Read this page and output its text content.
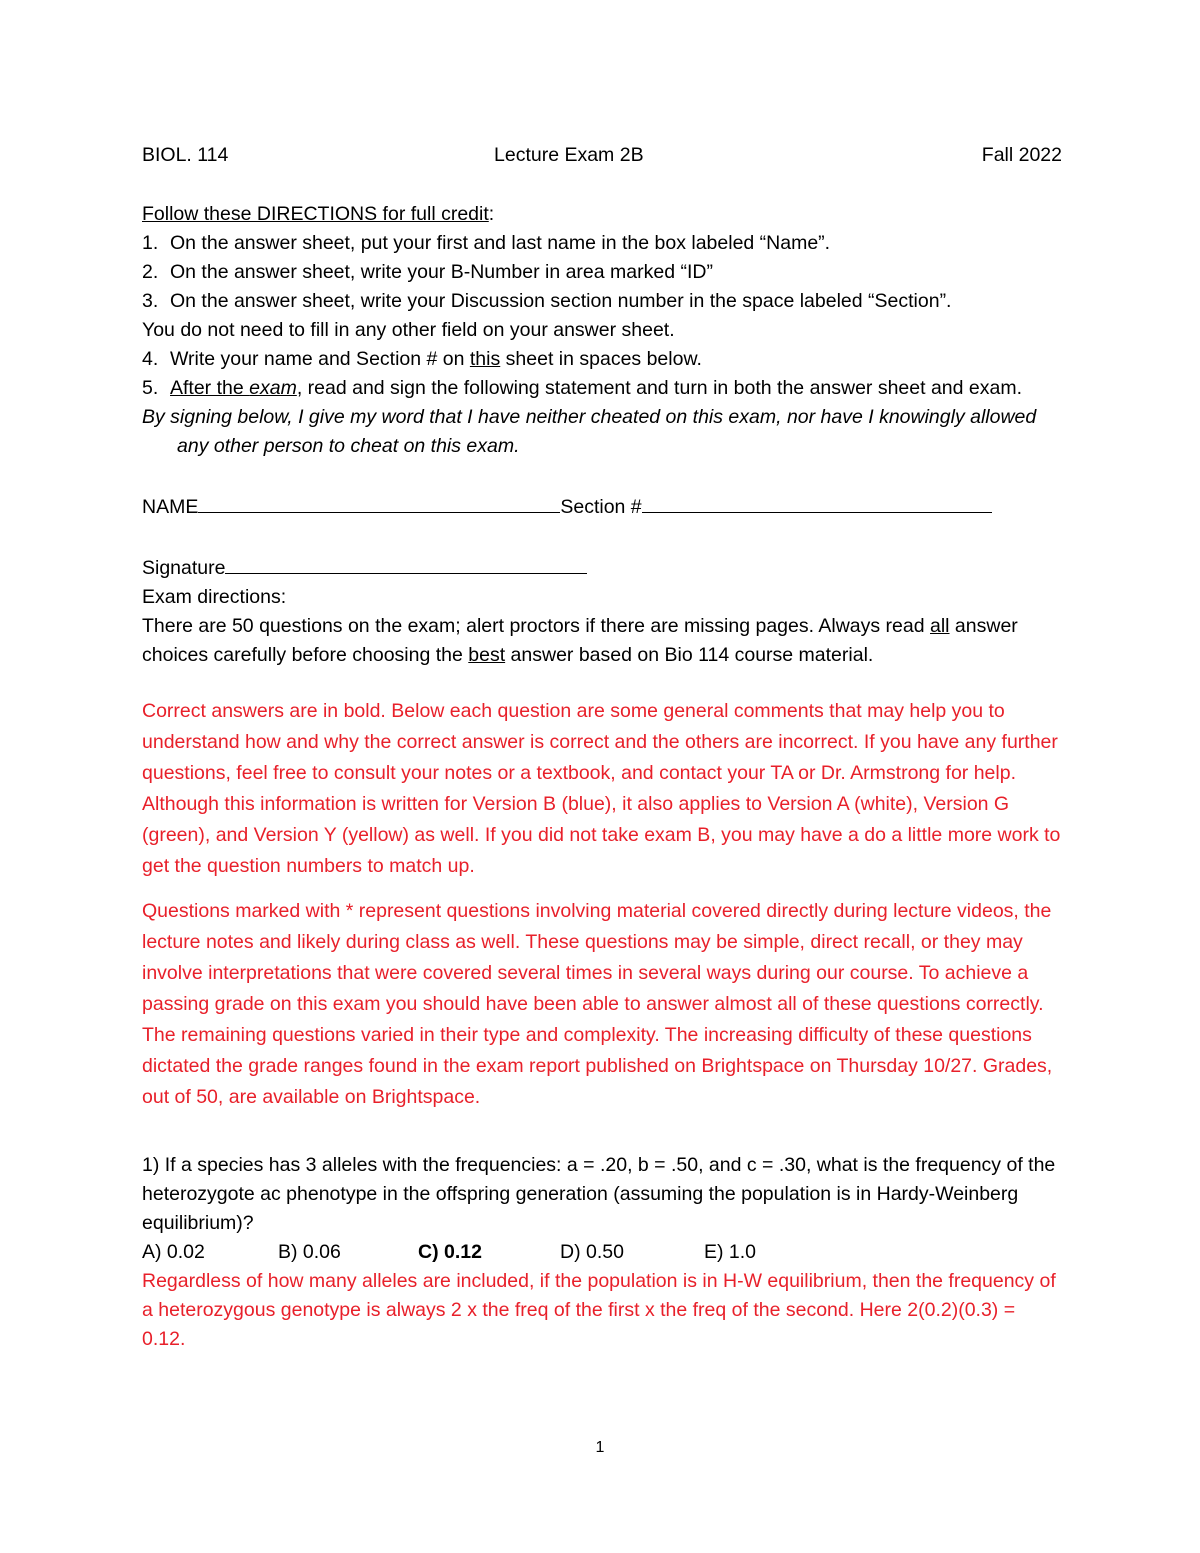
BIOL. 114	Lecture Exam 2B	Fall 2022
Follow these DIRECTIONS for full credit:
1. On the answer sheet, put your first and last name in the box labeled “Name”.
2. On the answer sheet, write your B-Number in area marked “ID”
3. On the answer sheet, write your Discussion section number in the space labeled “Section”.
You do not need to fill in any other field on your answer sheet.
4. Write your name and Section # on this sheet in spaces below.
5. After the exam, read and sign the following statement and turn in both the answer sheet and exam.
By signing below, I give my word that I have neither cheated on this exam, nor have I knowingly allowed any other person to cheat on this exam.
NAME	Section #
Signature
Exam directions:
There are 50 questions on the exam; alert proctors if there are missing pages. Always read all answer choices carefully before choosing the best answer based on Bio 114 course material.
Correct answers are in bold. Below each question are some general comments that may help you to understand how and why the correct answer is correct and the others are incorrect. If you have any further questions, feel free to consult your notes or a textbook, and contact your TA or Dr. Armstrong for help. Although this information is written for Version B (blue), it also applies to Version A (white), Version G (green), and Version Y (yellow) as well. If you did not take exam B, you may have a do a little more work to get the question numbers to match up.
Questions marked with * represent questions involving material covered directly during lecture videos, the lecture notes and likely during class as well. These questions may be simple, direct recall, or they may involve interpretations that were covered several times in several ways during our course. To achieve a passing grade on this exam you should have been able to answer almost all of these questions correctly. The remaining questions varied in their type and complexity. The increasing difficulty of these questions dictated the grade ranges found in the exam report published on Brightspace on Thursday 10/27. Grades, out of 50, are available on Brightspace.
1) If a species has 3 alleles with the frequencies: a = .20, b = .50, and c = .30, what is the frequency of the heterozygote ac phenotype in the offspring generation (assuming the population is in Hardy-Weinberg equilibrium)?
A) 0.02	B) 0.06	C) 0.12	D) 0.50	E) 1.0
Regardless of how many alleles are included, if the population is in H-W equilibrium, then the frequency of a heterozygous genotype is always 2 x the freq of the first x the freq of the second. Here 2(0.2)(0.3) = 0.12.
1
